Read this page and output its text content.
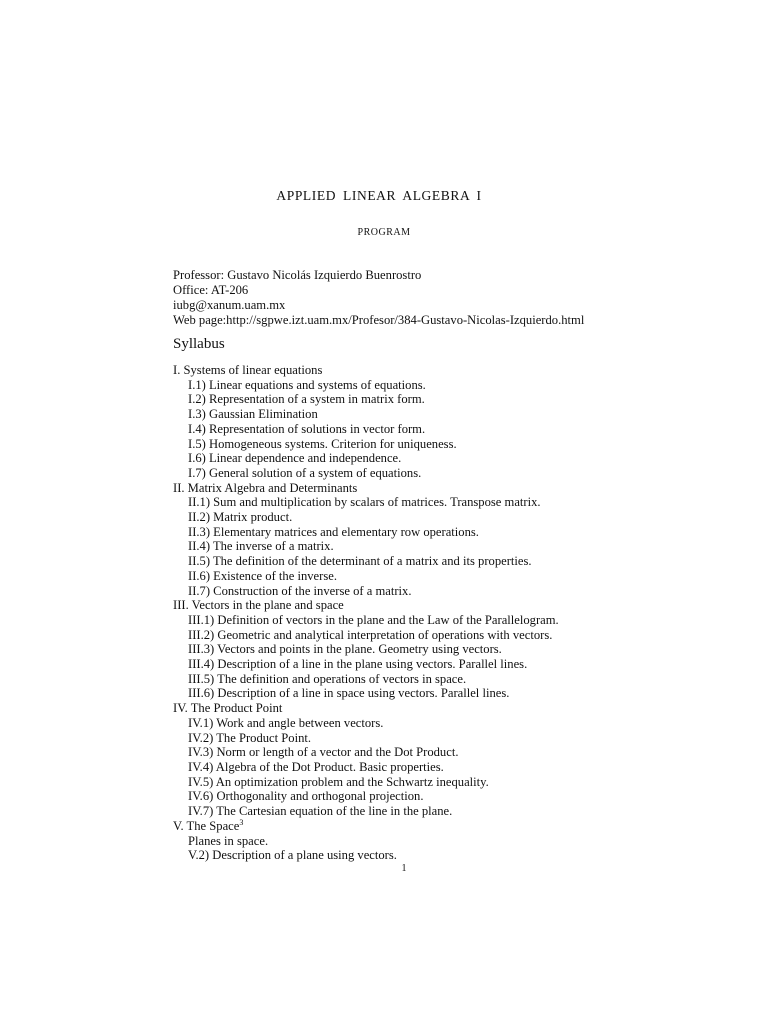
APPLIED LINEAR ALGEBRA I
PROGRAM
Professor: Gustavo Nicolás Izquierdo Buenrostro
Office: AT-206
iubg@xanum.uam.mx
Web page:http://sgpwe.izt.uam.mx/Profesor/384-Gustavo-Nicolas-Izquierdo.html
Syllabus
I. Systems of linear equations
I.1) Linear equations and systems of equations.
I.2) Representation of a system in matrix form.
I.3) Gaussian Elimination
I.4) Representation of solutions in vector form.
I.5) Homogeneous systems. Criterion for uniqueness.
I.6) Linear dependence and independence.
I.7) General solution of a system of equations.
II. Matrix Algebra and Determinants
II.1) Sum and multiplication by scalars of matrices. Transpose matrix.
II.2) Matrix product.
II.3) Elementary matrices and elementary row operations.
II.4) The inverse of a matrix.
II.5) The definition of the determinant of a matrix and its properties.
II.6) Existence of the inverse.
II.7) Construction of the inverse of a matrix.
III. Vectors in the plane and space
III.1) Definition of vectors in the plane and the Law of the Parallelogram.
III.2) Geometric and analytical interpretation of operations with vectors.
III.3) Vectors and points in the plane. Geometry using vectors.
III.4) Description of a line in the plane using vectors. Parallel lines.
III.5) The definition and operations of vectors in space.
III.6) Description of a line in space using vectors. Parallel lines.
IV. The Product Point
IV.1) Work and angle between vectors.
IV.2) The Product Point.
IV.3) Norm or length of a vector and the Dot Product.
IV.4) Algebra of the Dot Product. Basic properties.
IV.5) An optimization problem and the Schwartz inequality.
IV.6) Orthogonality and orthogonal projection.
IV.7) The Cartesian equation of the line in the plane.
V. The Space$^3$
Planes in space.
V.2) Description of a plane using vectors.
1
